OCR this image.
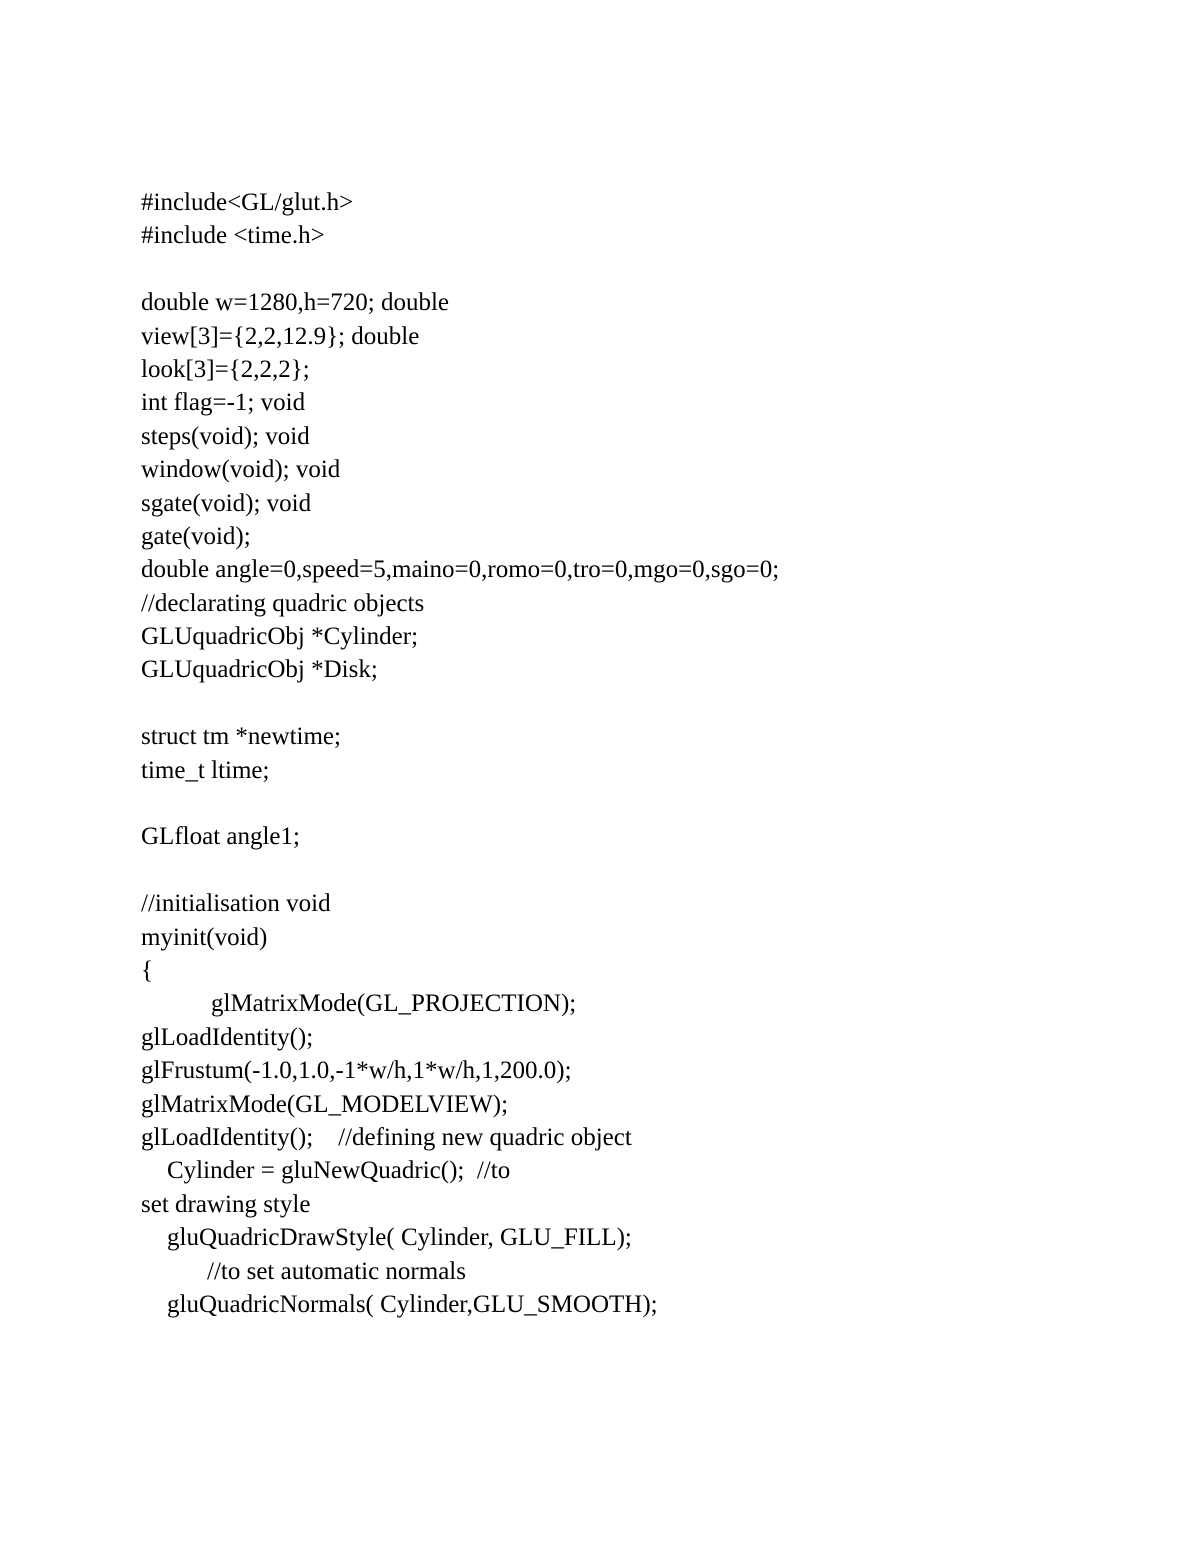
#include<GL/glut.h>
#include <time.h>
double w=1280,h=720; double
view[3]={2,2,12.9}; double
look[3]={2,2,2};
int flag=-1; void
steps(void); void
window(void); void
sgate(void); void
gate(void);
double angle=0,speed=5,maino=0,romo=0,tro=0,mgo=0,sgo=0;
//declarating quadric objects
GLUquadricObj *Cylinder;
GLUquadricObj *Disk;
struct tm *newtime;
time_t ltime;
GLfloat angle1;
//initialisation void
myinit(void)
{
glMatrixMode(GL_PROJECTION);
glLoadIdentity();
glFrustum(-1.0,1.0,-1*w/h,1*w/h,1,200.0);
glMatrixMode(GL_MODELVIEW);
glLoadIdentity();    //defining new quadric object
Cylinder = gluNewQuadric();  //to
set drawing style
gluQuadricDrawStyle( Cylinder, GLU_FILL);
//to set automatic normals
gluQuadricNormals( Cylinder,GLU_SMOOTH);
